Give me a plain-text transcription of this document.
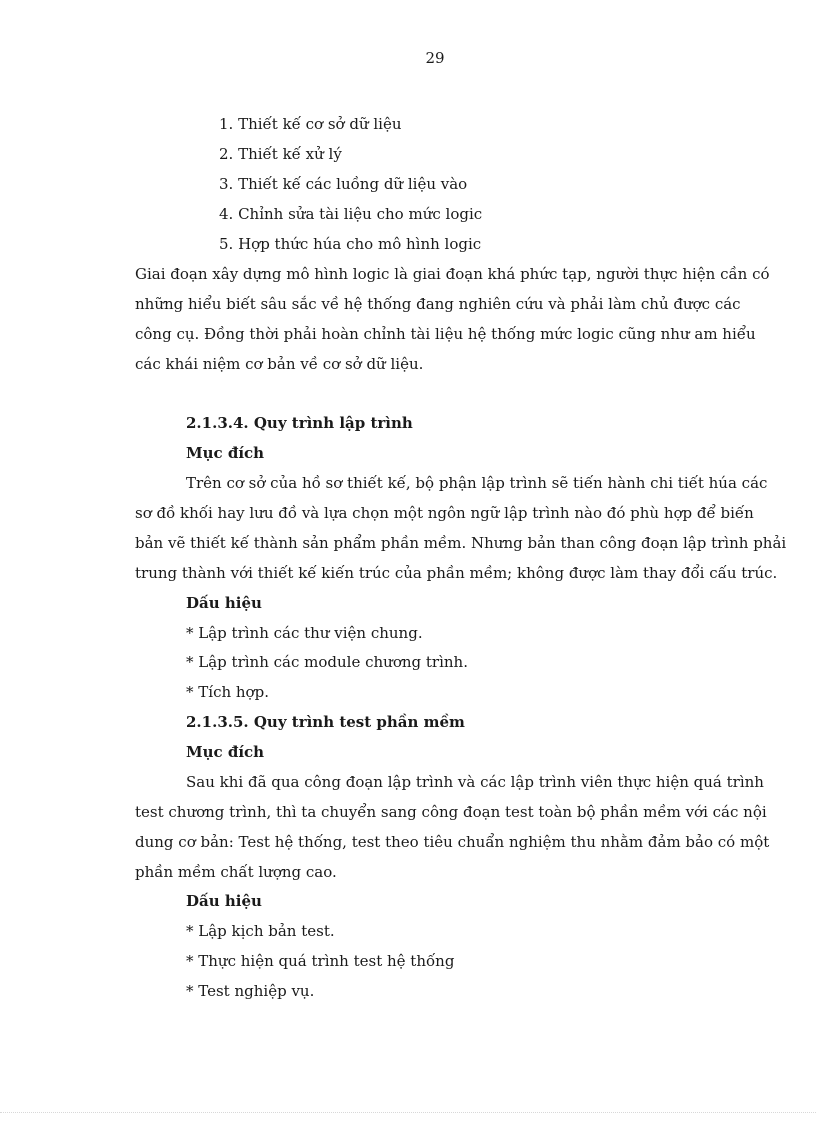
29
1. Thiết kế cơ sở dữ liệu
2. Thiết kế xử lý
3. Thiết kế các luồng dữ liệu vào
4. Chỉnh sửa tài liệu cho mức logic
5. Hợp thức húa cho mô hình logic
Giai đoạn xây dựng mô hình logic là giai đoạn khá phức tạp, người thực hiện cần có
những hiểu biết sâu sắc về hệ thống đang nghiên cứu và phải làm chủ được các
công cụ. Đồng thời phải hoàn chỉnh tài liệu hệ thống mức logic cũng như am hiểu
các khái niệm cơ bản về cơ sở dữ liệu.
2.1.3.4. Quy trình lập trình
Mục đích
Trên cơ sở của hồ sơ thiết kế, bộ phận lập trình sẽ tiến hành chi tiết húa các
sơ đồ khối hay lưu đồ và lựa chọn một ngôn ngữ lập trình nào đó phù hợp để biến
bản vẽ thiết kế thành sản phẩm phần mềm. Nhưng bản than công đoạn lập trình phải
trung thành với thiết kế kiến trúc của phần mềm; không được làm thay đổi cấu trúc.
Dấu hiệu
* Lập trình các thư viện chung.
* Lập trình các module chương trình.
* Tích hợp.
2.1.3.5. Quy trình test phần mềm
Mục đích
Sau khi đã qua công đoạn lập trình và các lập trình viên thực hiện quá trình
test chương trình, thì ta chuyển sang công đoạn test toàn bộ phần mềm với các nội
dung cơ bản: Test hệ thống, test theo tiêu chuẩn nghiệm thu nhằm đảm bảo có một
phần mềm chất lượng cao.
Dấu hiệu
* Lập kịch bản test.
* Thực hiện quá trình test hệ thống
* Test nghiệp vụ.
